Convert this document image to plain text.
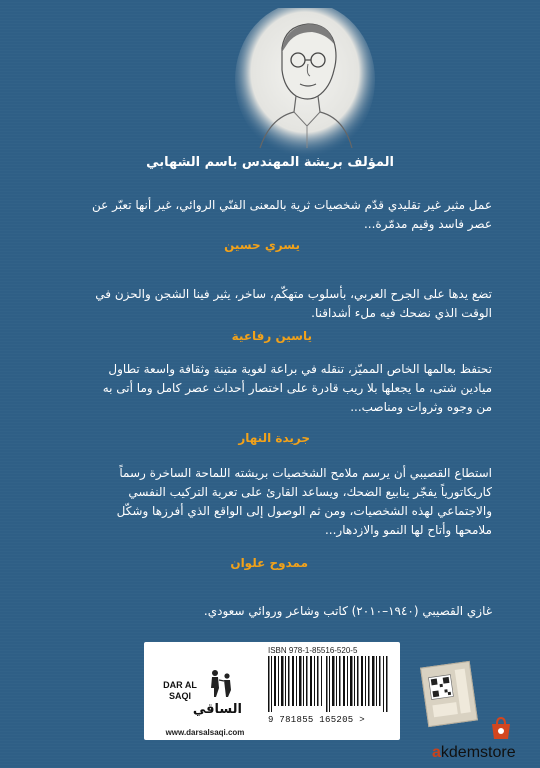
المؤلف بريشة المهندس باسم الشهابي
عمل مثير غير تقليدي قدّم شخصيات ثرية بالمعنى الفنّي الروائي، غير أنها تعبّر عن
عصر فاسد وقيم مدمّرة...
يسري حسين
تضع يدها على الجرح العربي، بأسلوب متهكّم، ساخر، يثير فينا الشجن والحزن في
الوقت الذي نضحك فيه ملء أشداقنا.
ياسين رفاعية
تحتفظ بعالمها الخاص المميّز، تنقله في براعة لغوية متينة وثقافة واسعة تطاول
ميادين شتى، ما يجعلها بلا ريب قادرة على اختصار أحداث عصر كامل وما أتى به
من وجوه وثروات ومناصب...
جريدة النهار
استطاع القصيبي أن يرسم ملامح الشخصيات بريشته اللماحة الساخرة رسماً
كاريكاتورياً يفجّر ينابيع الضحك، ويساعد القارئ على تعرية التركيب النفسي
والاجتماعي لهذه الشخصيات، ومن ثم الوصول إلى الواقع الذي أفرزها وشكّل
ملامحها وأتاح لها النمو والازدهار...
ممدوح علوان
غازي القصيبي (١٩٤٠–٢٠١٠) كاتب وشاعر وروائي سعودي.
DAR AL SAQI
الساقي
www.darsalsaqi.com
ISBN 978-1-85516-520-5
9 781855 165205 >
akdemstore
